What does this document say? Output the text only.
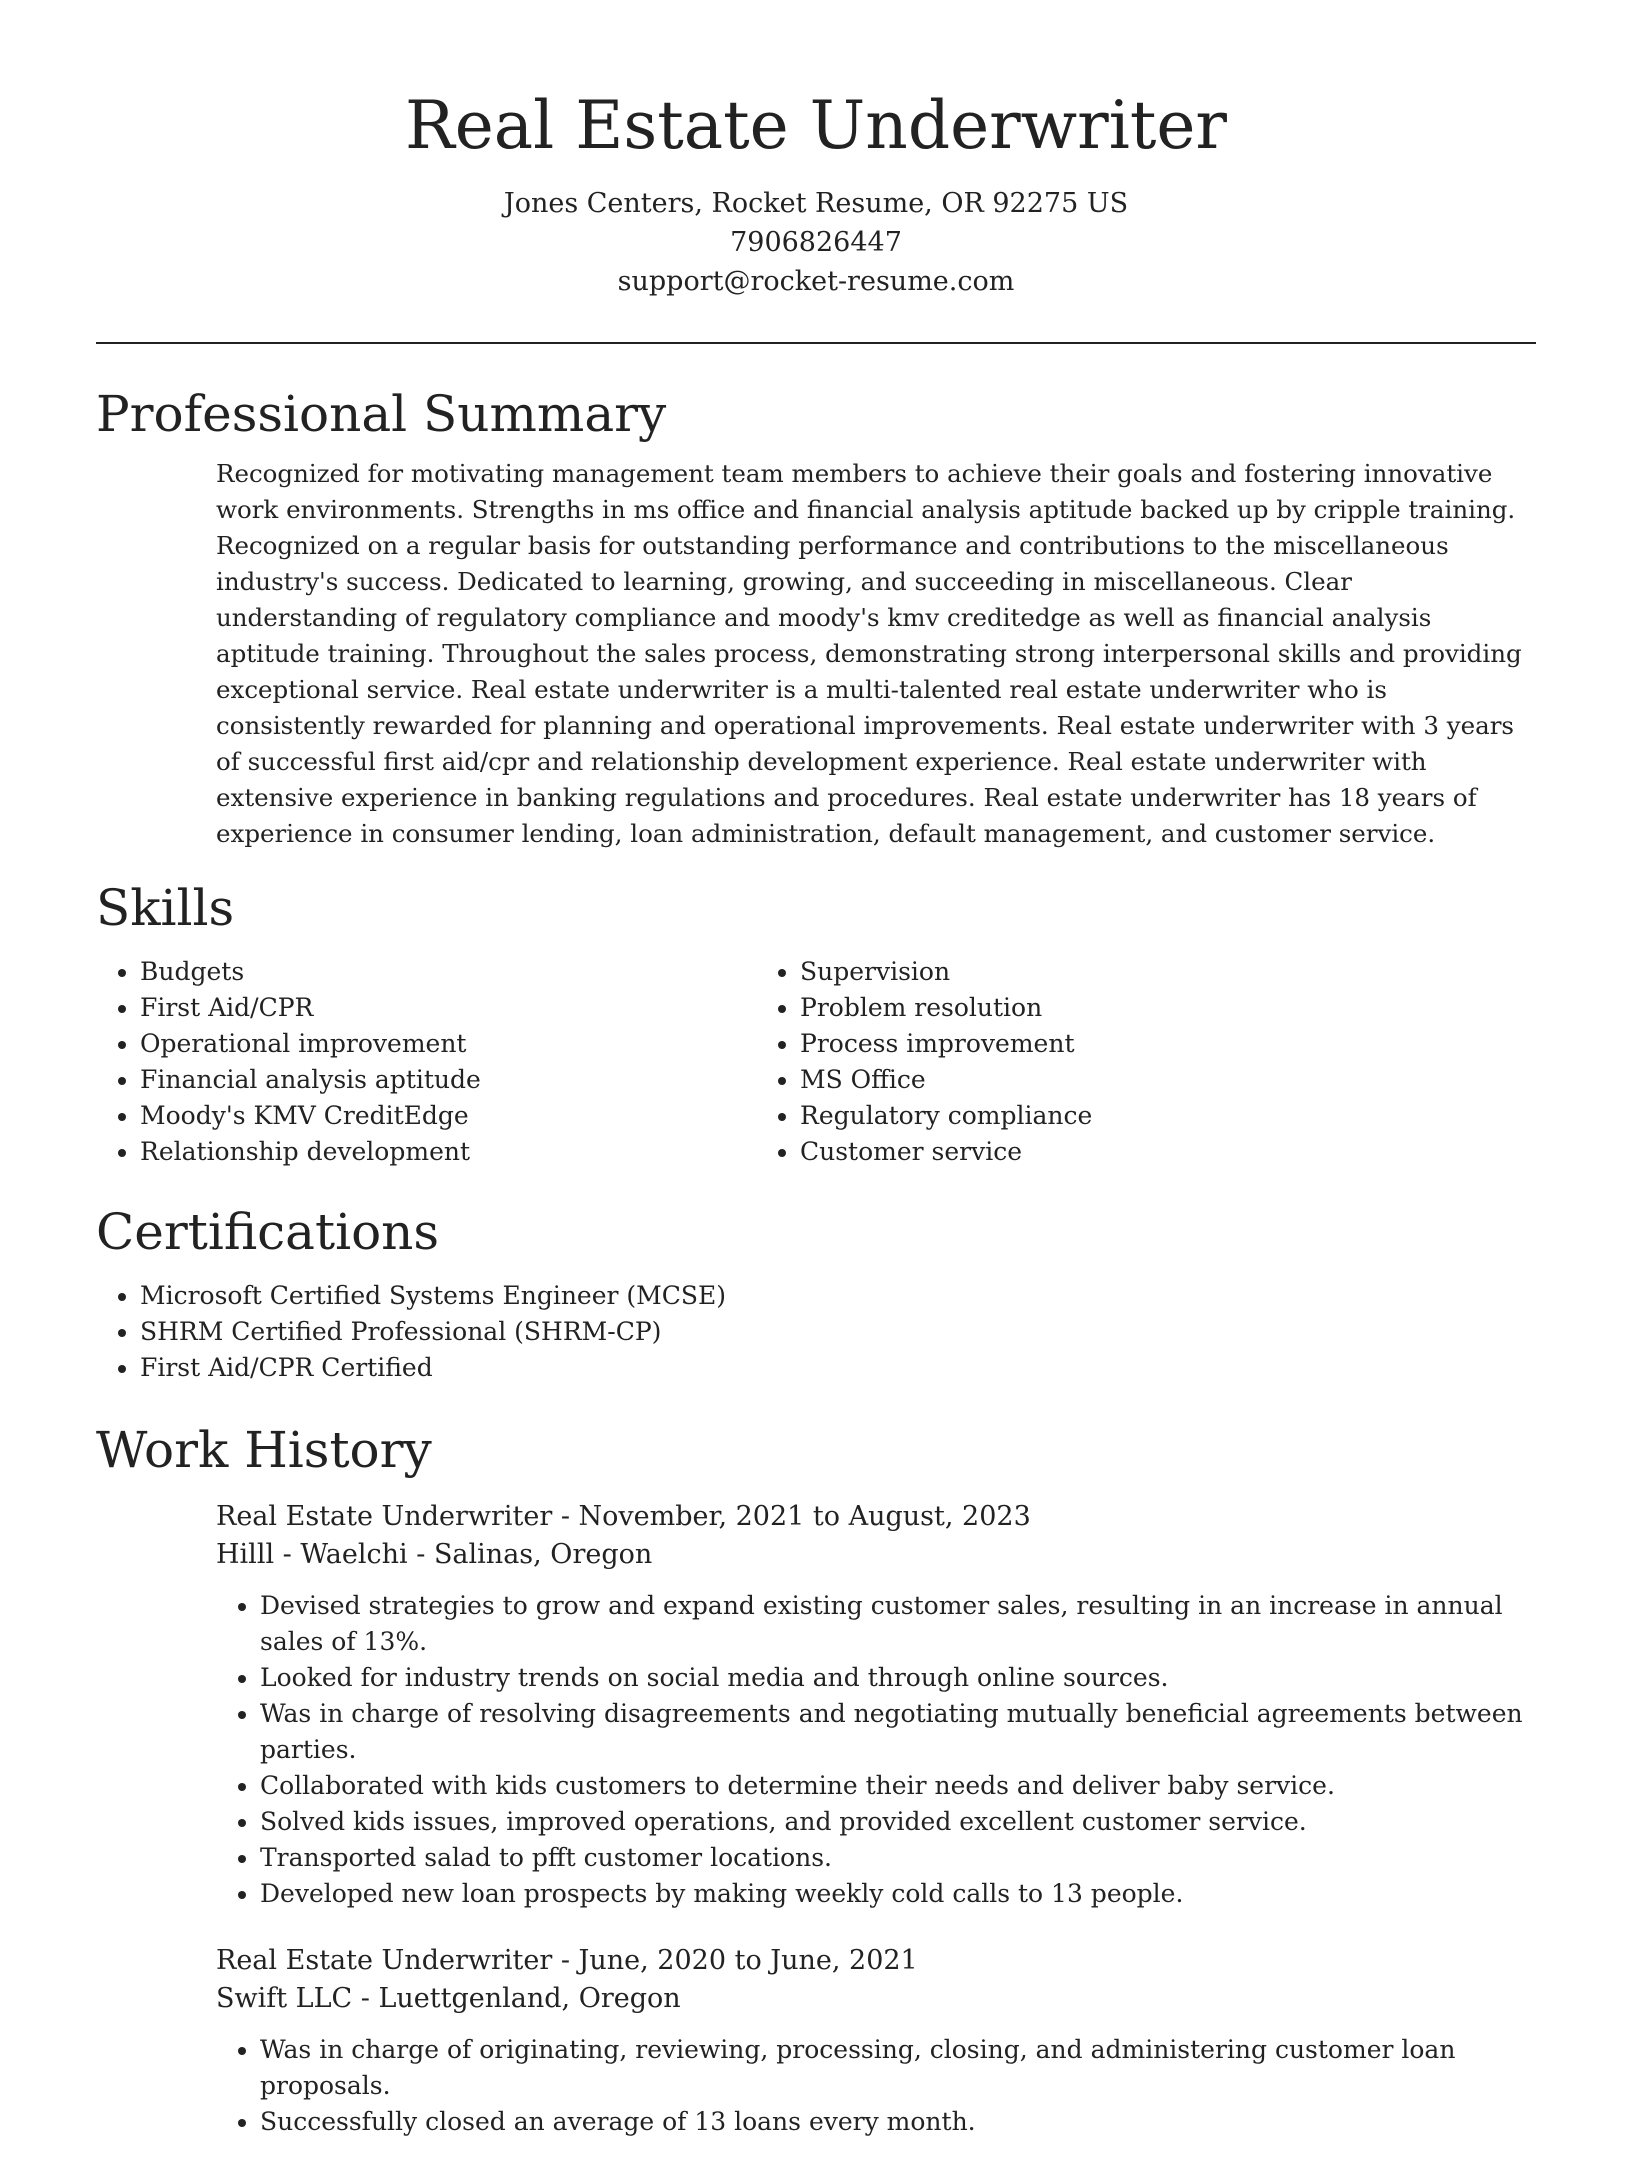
Real Estate Underwriter
Jones Centers, Rocket Resume, OR 92275 US
7906826447
support@rocket-resume.com
Professional Summary

Recognized for motivating management team members to achieve their goals and fostering innovative work environments. Strengths in ms office and financial analysis aptitude backed up by cripple training. Recognized on a regular basis for outstanding performance and contributions to the miscellaneous industry's success. Dedicated to learning, growing, and succeeding in miscellaneous. Clear understanding of regulatory compliance and moody's kmv creditedge as well as financial analysis aptitude training. Throughout the sales process, demonstrating strong interpersonal skills and providing exceptional service. Real estate underwriter is a multi-talented real estate underwriter who is consistently rewarded for planning and operational improvements. Real estate underwriter with 3 years of successful first aid/cpr and relationship development experience. Real estate underwriter with extensive experience in banking regulations and procedures. Real estate underwriter has 18 years of experience in consumer lending, loan administration, default management, and customer service.

Skills
• Budgets
• First Aid/CPR
• Operational improvement
• Financial analysis aptitude
• Moody's KMV CreditEdge
• Relationship development
• Supervision
• Problem resolution
• Process improvement
• MS Office
• Regulatory compliance
• Customer service
Certifications
• Microsoft Certified Systems Engineer (MCSE)
• SHRM Certified Professional (SHRM-CP)
• First Aid/CPR Certified
Work History
Real Estate Underwriter - November, 2021 to August, 2023
Hilll - Waelchi - Salinas, Oregon
• Devised strategies to grow and expand existing customer sales, resulting in an increase in annual sales of 13%.
• Looked for industry trends on social media and through online sources.
• Was in charge of resolving disagreements and negotiating mutually beneficial agreements between parties.
• Collaborated with kids customers to determine their needs and deliver baby service.
• Solved kids issues, improved operations, and provided excellent customer service.
• Transported salad to pfft customer locations.
• Developed new loan prospects by making weekly cold calls to 13 people.
Real Estate Underwriter - June, 2020 to June, 2021
Swift LLC - Luettgenland, Oregon
• Was in charge of originating, reviewing, processing, closing, and administering customer loan proposals.
• Successfully closed an average of 13 loans every month.
